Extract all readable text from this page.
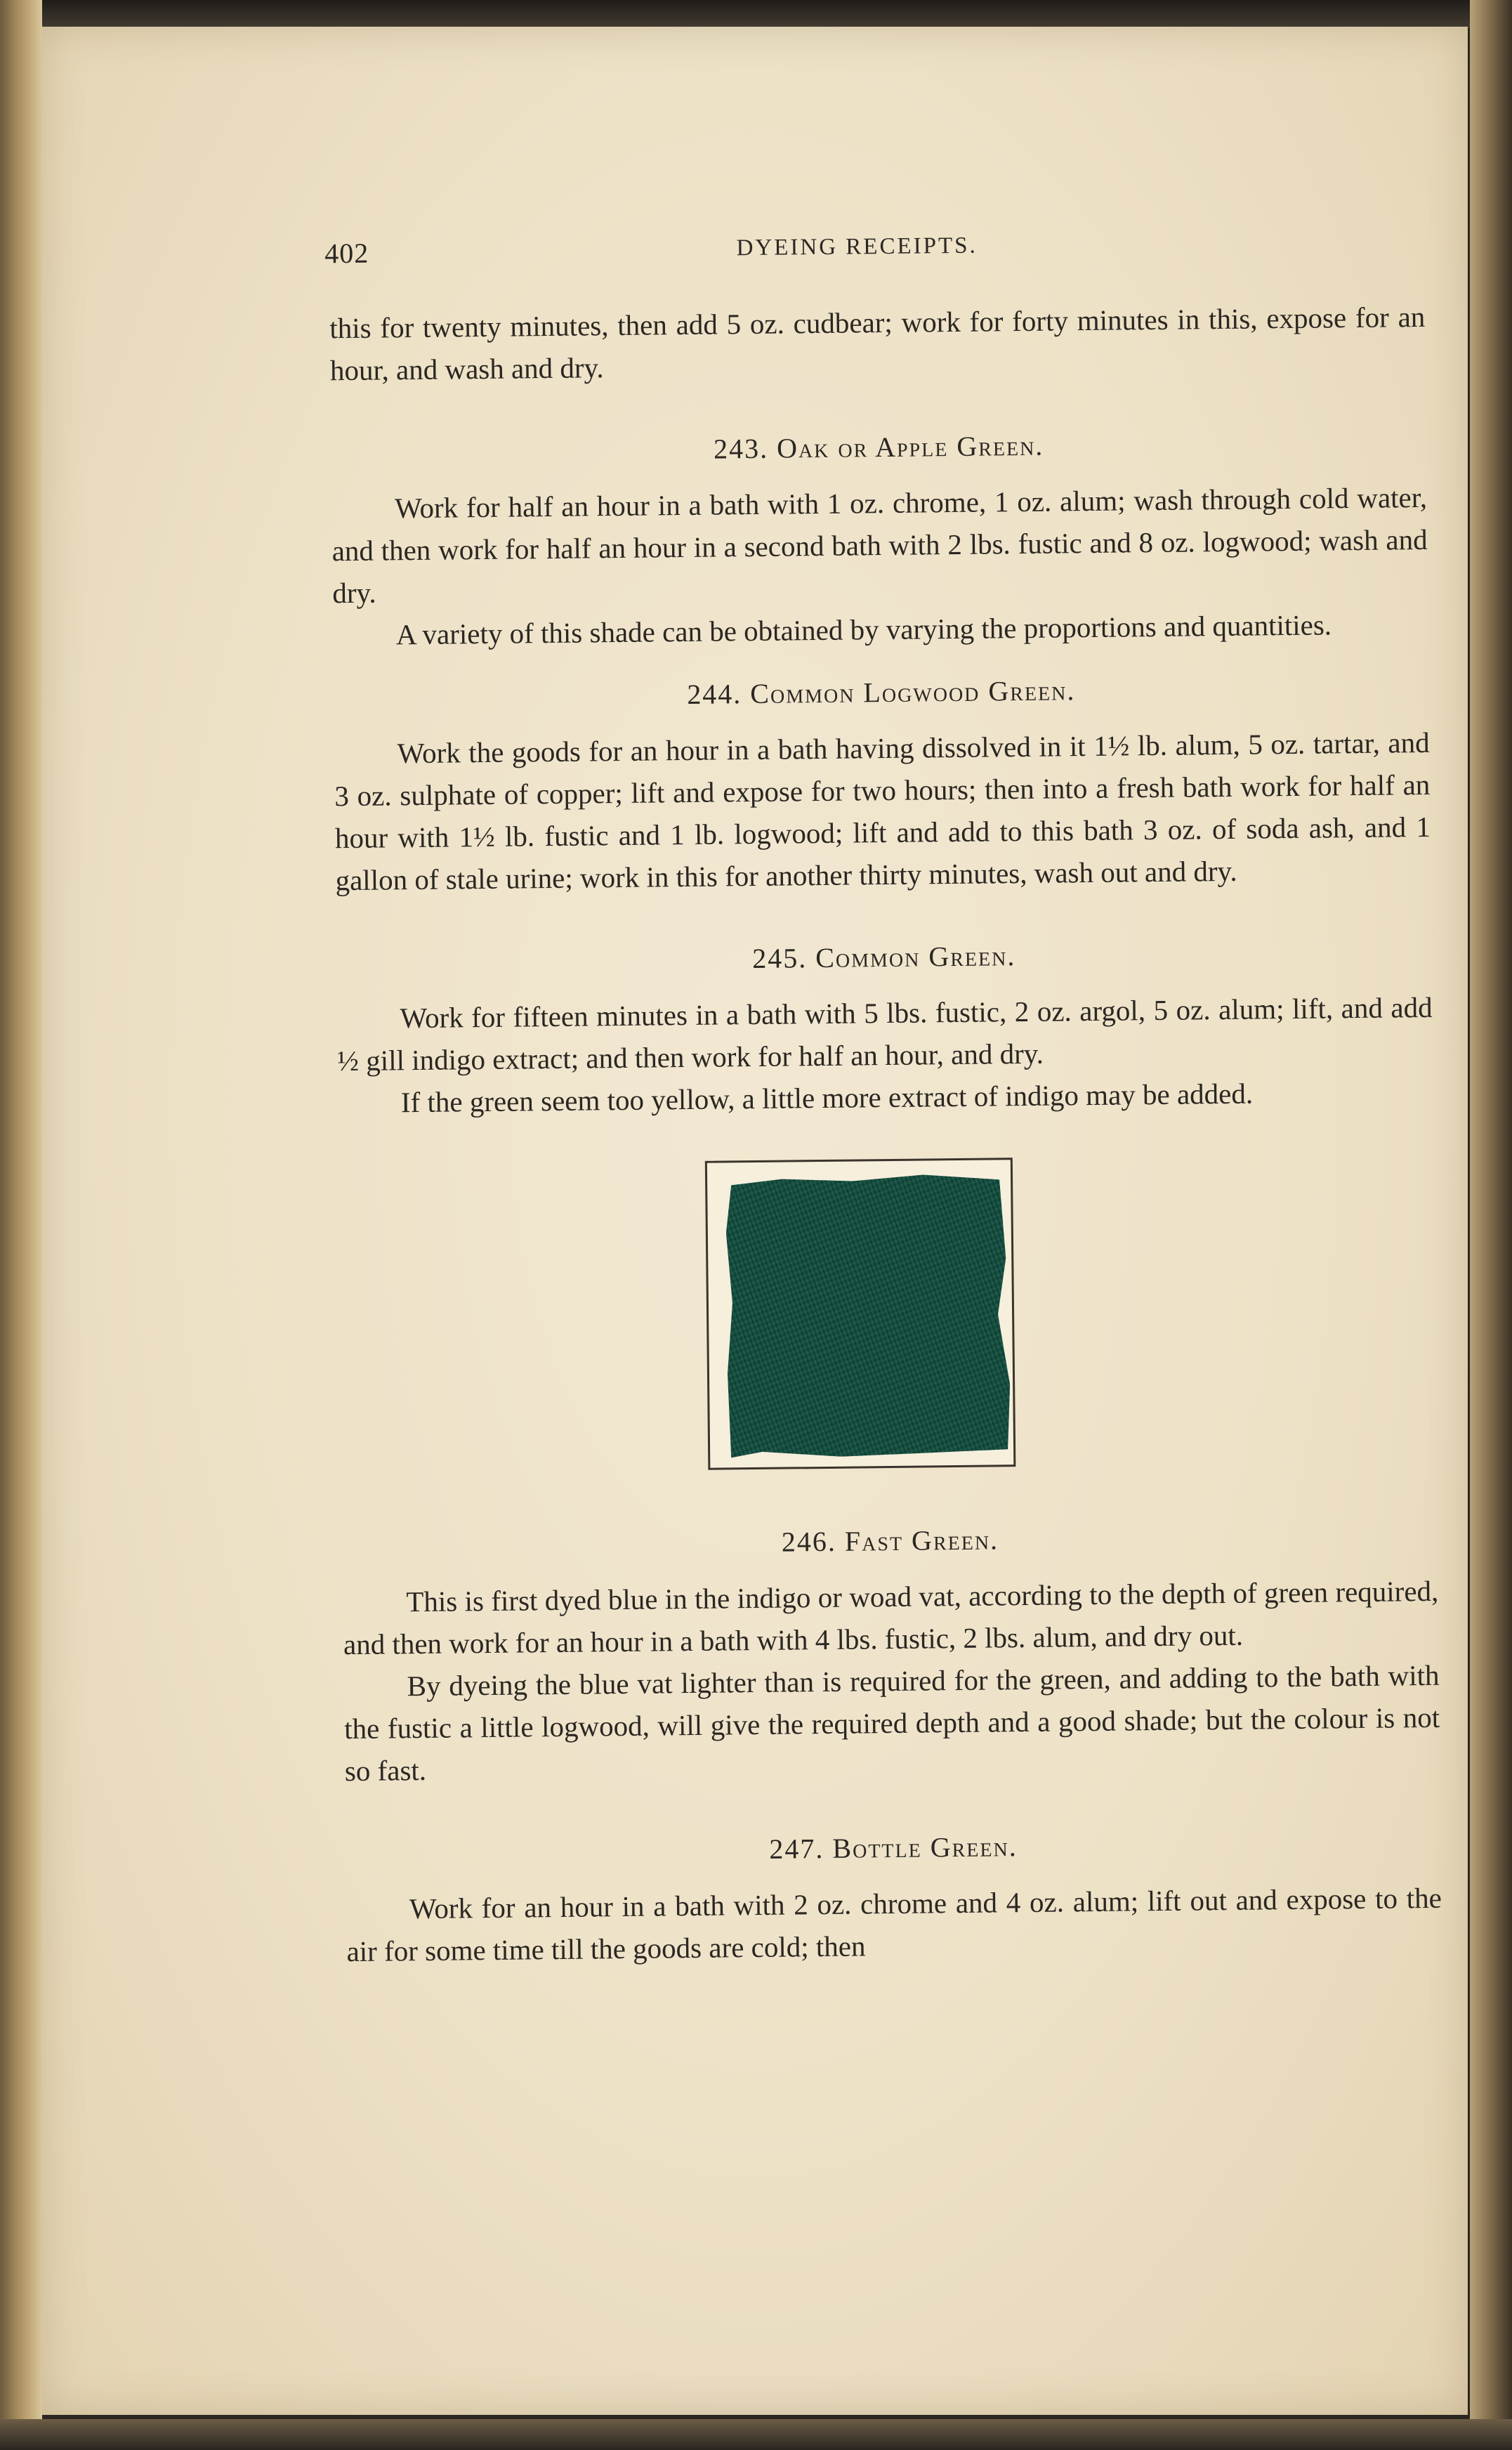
402	DYEING RECEIPTS.

this for twenty minutes, then add 5 oz. cudbear; work for forty minutes in this, expose for an hour, and wash and dry.

243. Oak or Apple Green.

Work for half an hour in a bath with 1 oz. chrome, 1 oz. alum; wash through cold water, and then work for half an hour in a second bath with 2 lbs. fustic and 8 oz. logwood; wash and dry.

A variety of this shade can be obtained by varying the proportions and quantities.

244. Common Logwood Green.

Work the goods for an hour in a bath having dissolved in it 1½ lb. alum, 5 oz. tartar, and 3 oz. sulphate of copper; lift and expose for two hours; then into a fresh bath work for half an hour with 1½ lb. fustic and 1 lb. logwood; lift and add to this bath 3 oz. of soda ash, and 1 gallon of stale urine; work in this for another thirty minutes, wash out and dry.

245. Common Green.

Work for fifteen minutes in a bath with 5 lbs. fustic, 2 oz. argol, 5 oz. alum; lift, and add ½ gill indigo extract; and then work for half an hour, and dry.

If the green seem too yellow, a little more extract of indigo may be added.

246. Fast Green.

This is first dyed blue in the indigo or woad vat, according to the depth of green required, and then work for an hour in a bath with 4 lbs. fustic, 2 lbs. alum, and dry out.

By dyeing the blue vat lighter than is required for the green, and adding to the bath with the fustic a little logwood, will give the required depth and a good shade; but the colour is not so fast.

247. Bottle Green.

Work for an hour in a bath with 2 oz. chrome and 4 oz. alum; lift out and expose to the air for some time till the goods are cold; then
